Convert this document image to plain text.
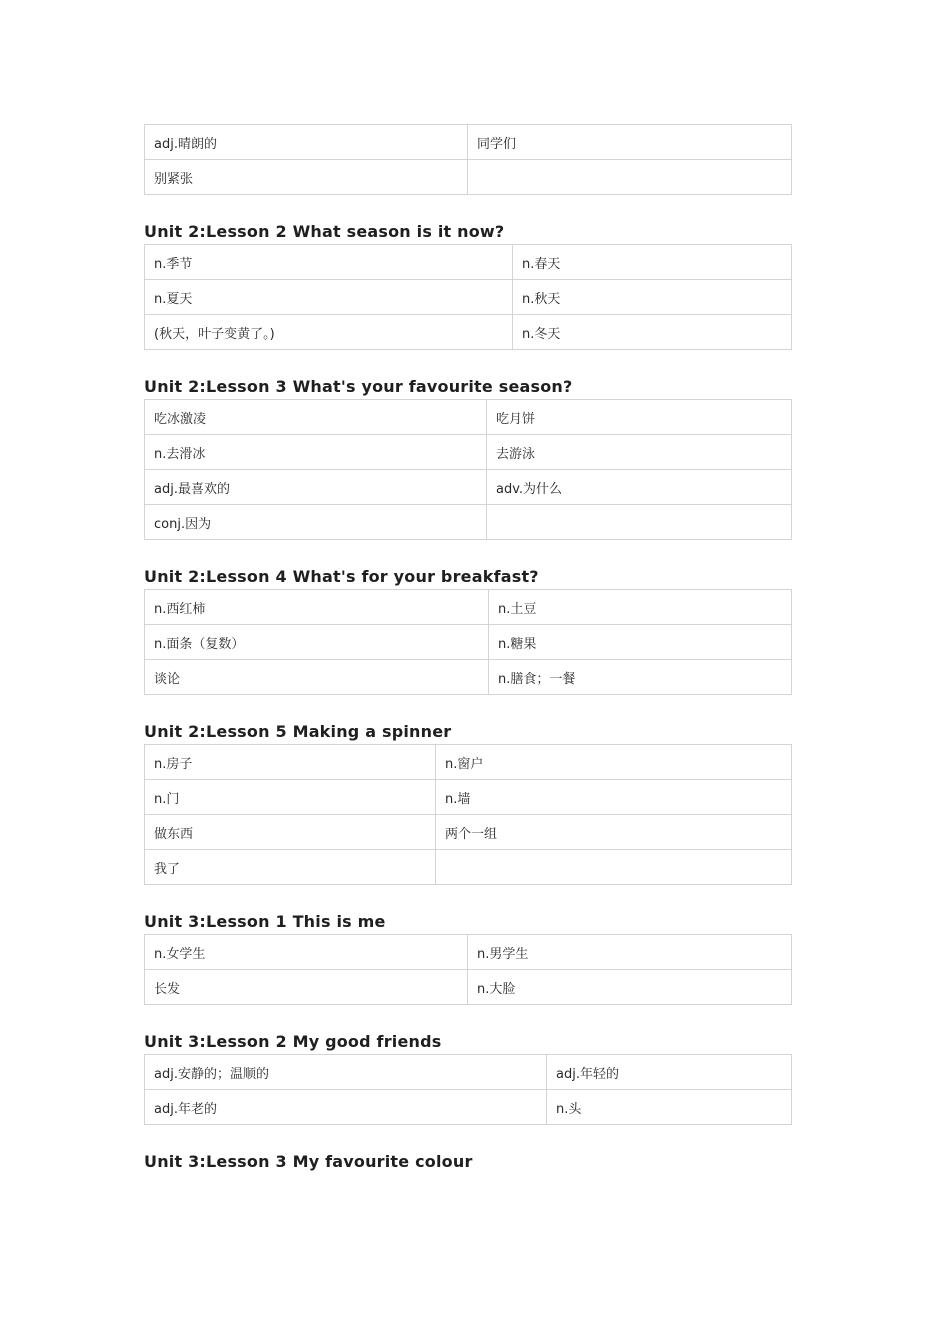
adj.晴朗的	同学们
别紧张	
Unit 2:Lesson 2 What season is it now?
n.季节	n.春天
n.夏天	n.秋天
(秋天，叶子变黄了。)	n.冬天
Unit 2:Lesson 3 What's your favourite season?
吃冰激凌	吃月饼
n.去滑冰	去游泳
adj.最喜欢的	adv.为什么
conj.因为	
Unit 2:Lesson 4 What's for your breakfast?
n.西红柿	n.土豆
n.面条（复数）	n.糖果
谈论	n.膳食；一餐
Unit 2:Lesson 5 Making a spinner
n.房子	n.窗户
n.门	n.墙
做东西	两个一组
我了	
Unit 3:Lesson 1 This is me
n.女学生	n.男学生
长发	n.大脸
Unit 3:Lesson 2 My good friends
adj.安静的；温顺的	adj.年轻的
adj.年老的	n.头
Unit 3:Lesson 3 My favourite colour
